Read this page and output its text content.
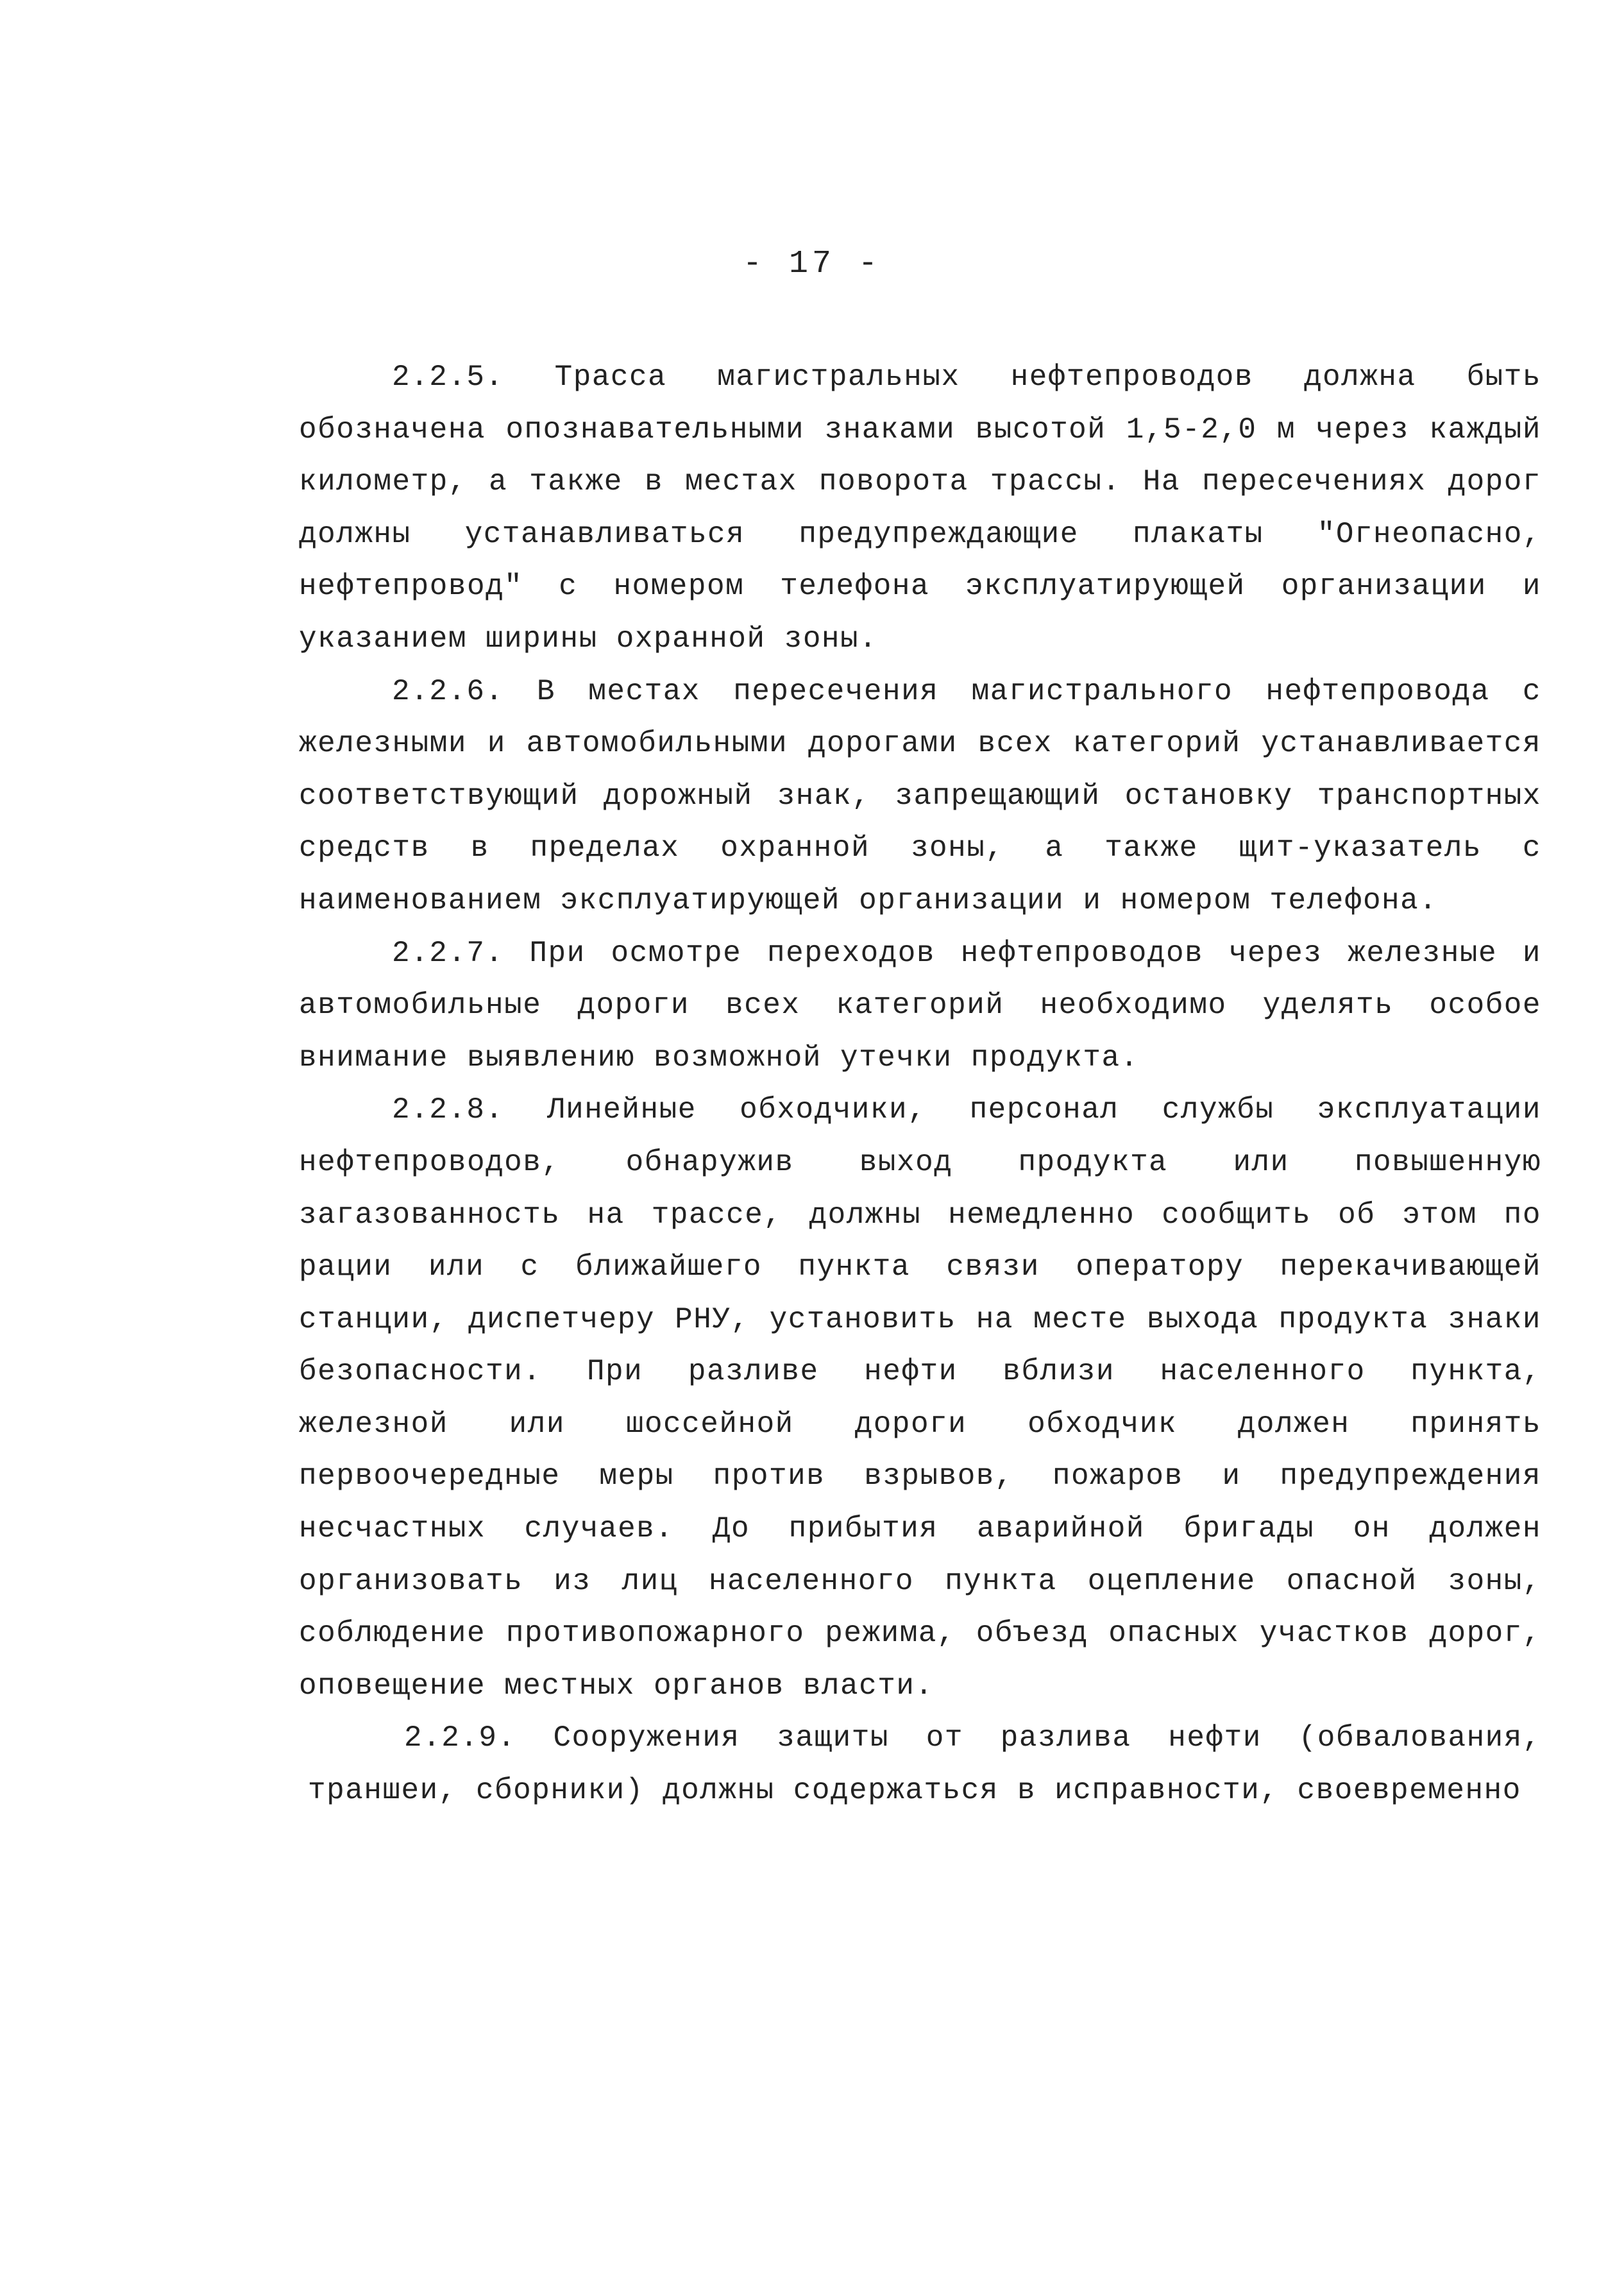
- 17 -

2.2.5. Трасса магистральных нефтепроводов должна быть обозначена опознавательными знаками высотой 1,5-2,0 м через каждый километр, а также в местах поворота трассы. На пересечениях дорог должны устанавливаться предупреждающие плакаты "Огнеопасно, нефтепровод" с номером телефона эксплуатирующей организации и указанием ширины охранной зоны.

2.2.6. В местах пересечения магистрального нефтепровода с железными и автомобильными дорогами всех категорий устанавливается соответствующий дорожный знак, запрещающий остановку транспортных средств в пределах охранной зоны, а также щит-указатель с наименованием эксплуатирующей организации и номером телефона.

2.2.7. При осмотре переходов нефтепроводов через железные и автомобильные дороги всех категорий необходимо уделять особое внимание выявлению возможной утечки продукта.

2.2.8. Линейные обходчики, персонал службы эксплуатации нефтепроводов, обнаружив выход продукта или повышенную загазованность на трассе, должны немедленно сообщить об этом по рации или с ближайшего пункта связи оператору перекачивающей станции, диспетчеру РНУ, установить на месте выхода продукта знаки безопасности. При разливе нефти вблизи населенного пункта, железной или шоссейной дороги обходчик должен принять первоочередные меры против взрывов, пожаров и предупреждения несчастных случаев. До прибытия аварийной бригады он должен организовать из лиц населенного пункта оцепление опасной зоны, соблюдение противопожарного режима, объезд опасных участков дорог, оповещение местных органов власти.

2.2.9. Сооружения защиты от разлива нефти (обвалования, траншеи, сборники) должны содержаться в исправности, своевременно
